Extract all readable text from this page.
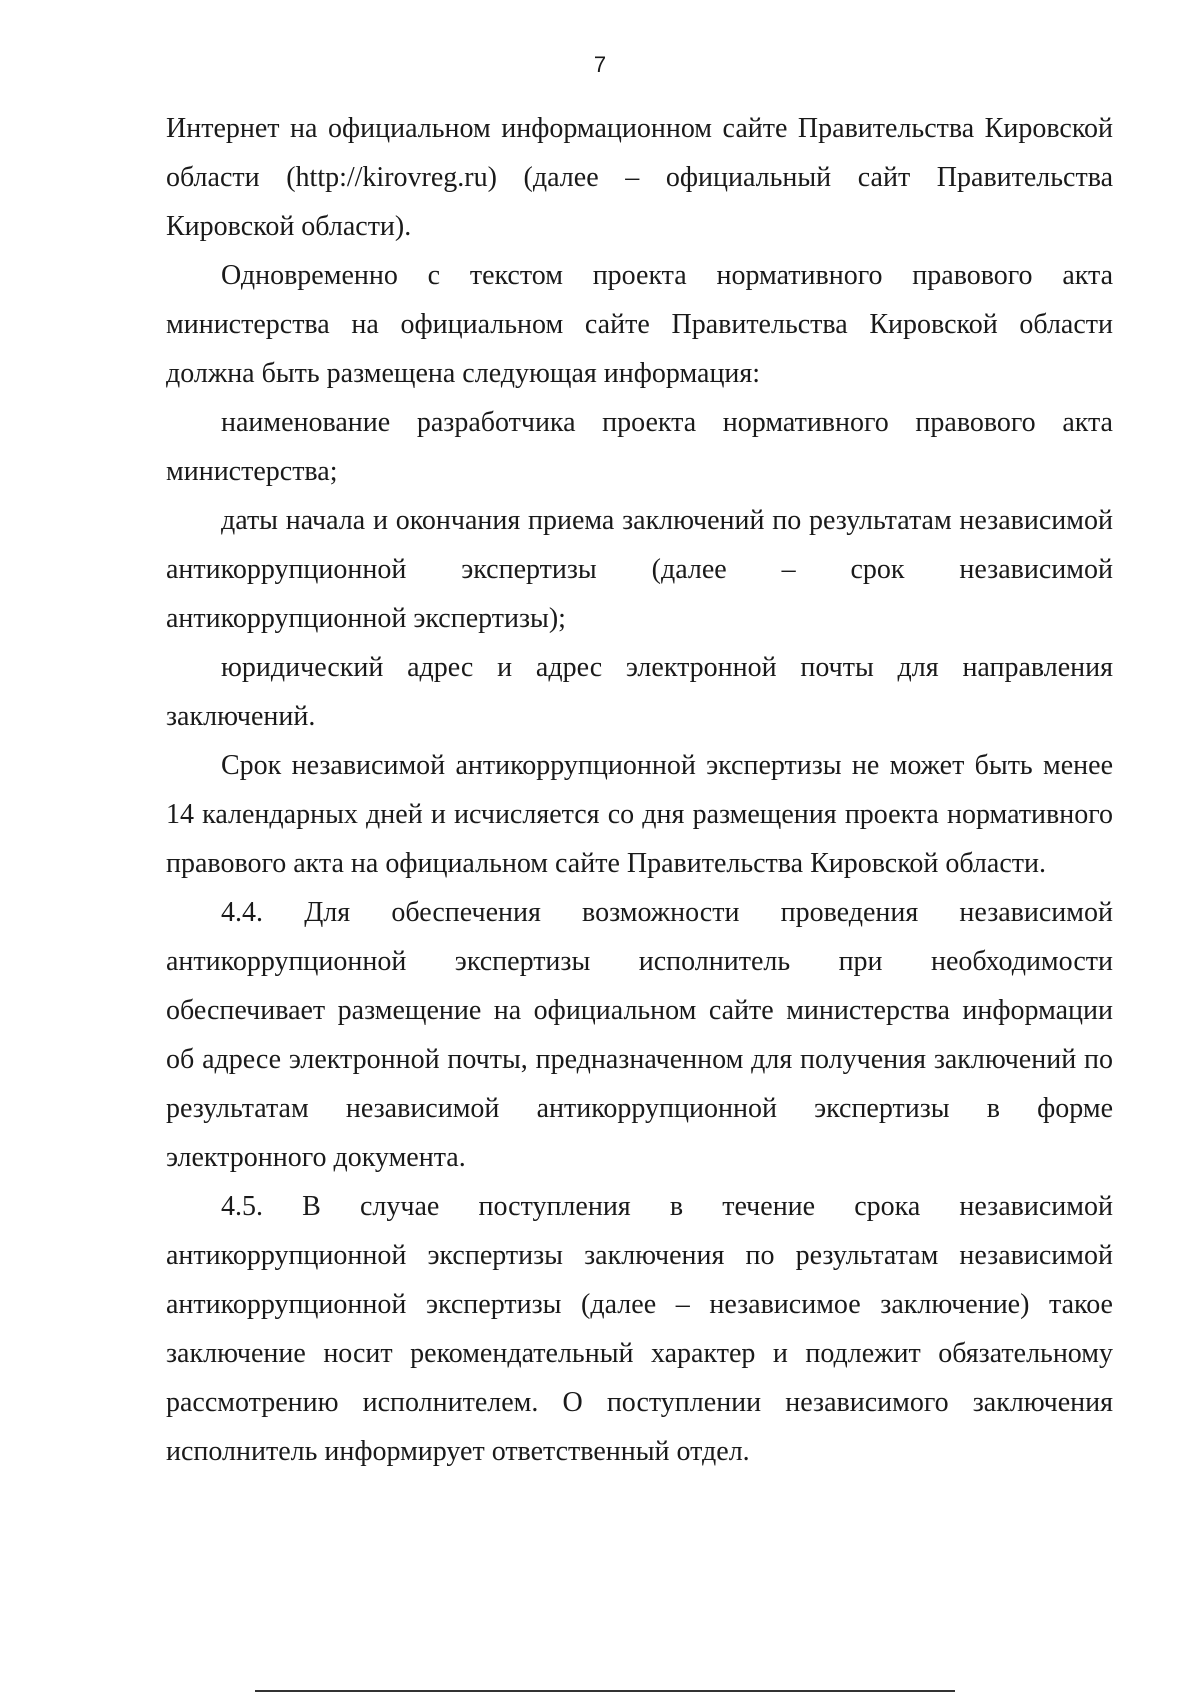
7

Интернет на официальном информационном сайте Правительства Кировской области (http://kirovreg.ru) (далее – официальный сайт Правительства Кировской области).

Одновременно с текстом проекта нормативного правового акта министерства на официальном сайте Правительства Кировской области должна быть размещена следующая информация:

наименование разработчика проекта нормативного правового акта министерства;

даты начала и окончания приема заключений по результатам независимой антикоррупционной экспертизы (далее – срок независимой антикоррупционной экспертизы);

юридический адрес и адрес электронной почты для направления заключений.

Срок независимой антикоррупционной экспертизы не может быть менее 14 календарных дней и исчисляется со дня размещения проекта нормативного правового акта на официальном сайте Правительства Кировской области.

4.4. Для обеспечения возможности проведения независимой антикоррупционной экспертизы исполнитель при необходимости обеспечивает размещение на официальном сайте министерства информации об адресе электронной почты, предназначенном для получения заключений по результатам независимой антикоррупционной экспертизы в форме электронного документа.

4.5. В случае поступления в течение срока независимой антикоррупционной экспертизы заключения по результатам независимой антикоррупционной экспертизы (далее – независимое заключение) такое заключение носит рекомендательный характер и подлежит обязательному рассмотрению исполнителем. О поступлении независимого заключения исполнитель информирует ответственный отдел.
